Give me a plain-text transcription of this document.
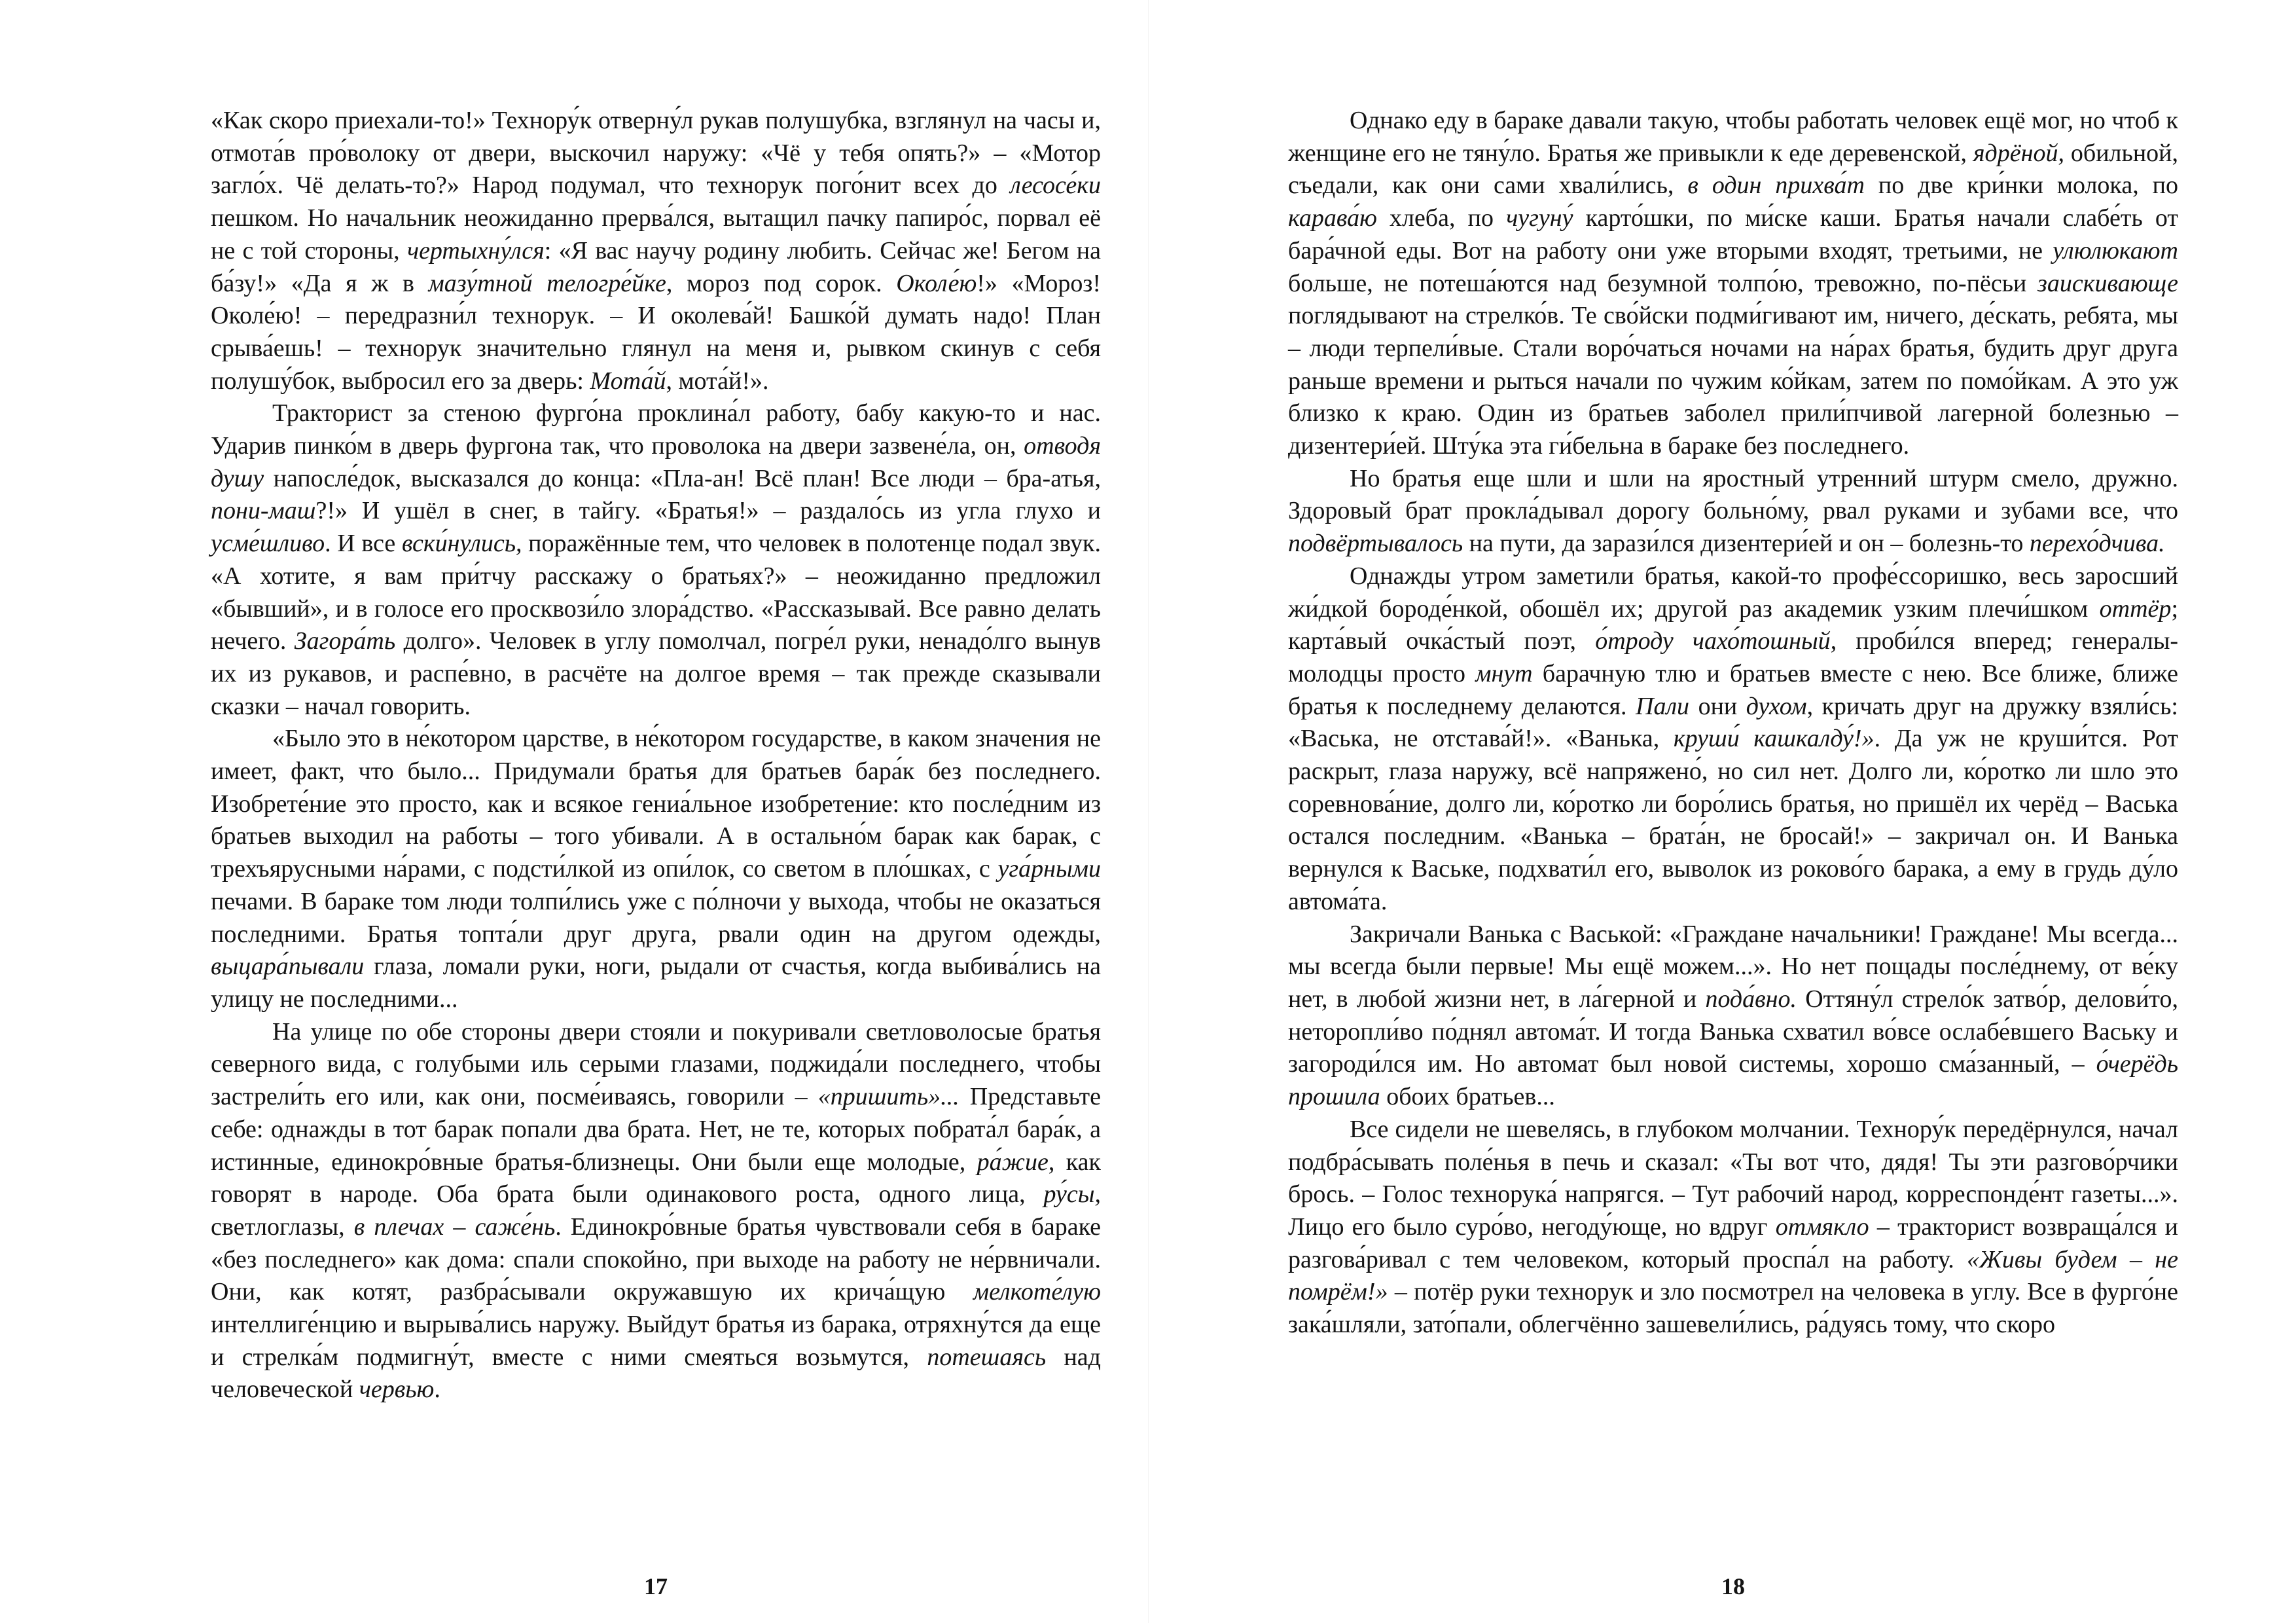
«Как скоро приехали-то!» Технору́к отверну́л рукав полушубка, взглянул на часы и, отмота́в про́волоку от двери, выскочил наружу: «Чё у тебя опять?» – «Мотор загло́х. Чё делать-то?» Народ подумал, что технорук пого́нит всех до лесосе́ки пешком. Но начальник неожиданно прерва́лся, вытащил пачку папиро́с, порвал её не с той стороны, чертыхну́лся: «Я вас научу родину любить. Сейчас же! Бегом на ба́зу!» «Да я ж в мазу́тной телогре́йке, мороз под сорок. Околе́ю!» «Мороз! Околе́ю! – передразни́л технорук. – И околева́й! Башко́й думать надо! План срыва́ешь! – технорук значительно глянул на меня и, рывком скинув с себя полушу́бок, выбросил его за дверь: Мота́й, мота́й!».

Тракторист за стеною фурго́на проклина́л работу, бабу какую-то и нас. Ударив пинко́м в дверь фургона так, что проволока на двери зазвене́ла, он, отводя душу напосле́док, высказался до конца: «Пла-ан! Всё план! Все люди – бра-атья, пони-маш?!» И ушёл в снег, в тайгу. «Братья!» – раздало́сь из угла глухо и усме́шливо. И все вски́нулись, поражённые тем, что человек в полотенце подал звук. «А хотите, я вам при́тчу расскажу о братьях?» – неожиданно предложил «бывший», и в голосе его просквози́ло злора́дство. «Рассказывай. Все равно делать нечего. Загора́ть долго». Человек в углу помолчал, погре́л руки, ненадо́лго вынув их из рукавов, и распе́вно, в расчёте на долгое время – так прежде сказывали сказки – начал говорить.

«Было это в не́котором царстве, в не́котором государстве, в каком значения не имеет, факт, что было... Придумали братья для братьев бара́к без последнего. Изобрете́ние это просто, как и всякое гениа́льное изобретение: кто после́дним из братьев выходил на работы – того убивали. А в остально́м барак как барак, с трехъярусными на́рами, с подсти́лкой из опи́лок, со светом в пло́шках, с уга́рными печами. В бараке том люди толпи́лись уже с по́лночи у выхода, чтобы не оказаться последними. Братья топта́ли друг друга, рвали один на другом одежды, выцара́пывали глаза, ломали руки, ноги, рыдали от счастья, когда выбива́лись на улицу не последними...

На улице по обе стороны двери стояли и покуривали светловолосые братья северного вида, с голубыми иль серыми глазами, поджида́ли последнего, чтобы застрели́ть его или, как они, посме́иваясь, говорили – «пришить»... Представьте себе: однажды в тот барак попали два брата. Нет, не те, которых побрата́л бара́к, а истинные, единокро́вные братья-близнецы. Они были еще молодые, ра́жие, как говорят в народе. Оба брата были одинакового роста, одного лица, ру́сы, светлоглазы, в плечах – саже́нь. Единокро́вные братья чувствовали себя в бараке «без последнего» как дома: спали спокойно, при выходе на работу не не́рвничали. Они, как котят, разбра́сывали окружавшую их крича́щую мелкоте́лую интеллиге́нцию и вырыва́лись наружу. Выйдут братья из барака, отряхну́тся да еще и стрелка́м подмигну́т, вместе с ними смеяться возьмутся, потешаясь над человеческой червью.

17

Однако еду в бараке давали такую, чтобы работать человек ещё мог, но чтоб к женщине его не тяну́ло. Братья же привыкли к еде деревенской, ядрёной, обильной, съедали, как они сами хвали́лись, в один прихва́т по две кри́нки молока, по карава́ю хлеба, по чугуну́ карто́шки, по ми́ске каши. Братья начали слабе́ть от бара́чной еды. Вот на работу они уже вторыми входят, третьими, не улюлюкают больше, не потеша́ются над безумной толпо́ю, тревожно, по-пёсьи заискивающе поглядывают на стрелко́в. Те сво́йски подми́гивают им, ничего, де́скать, ребята, мы – люди терпели́вые. Стали воро́чаться ночами на на́рах братья, будить друг друга раньше времени и рыться начали по чужим ко́йкам, затем по помо́йкам. А это уж близко к краю. Один из братьев заболел прили́пчивой лагерной болезнью – дизентери́ей. Шту́ка эта ги́бельна в бараке без последнего.

Но братья еще шли и шли на яростный утренний штурм смело, дружно. Здоровый брат прокла́дывал дорогу больно́му, рвал руками и зубами все, что подвёртывалось на пути, да зарази́лся дизентери́ей и он – болезнь-то перехо́дчива.

Однажды утром заметили братья, какой-то профе́ссоришко, весь заросший жи́дкой бороде́нкой, обошёл их; другой раз академик узким плечи́шком оттёр; карта́вый очка́стый поэт, о́троду чахо́тошный, проби́лся вперед; генералы-молодцы просто мнут барачную тлю и братьев вместе с нею. Все ближе, ближе братья к последнему делаются. Пали они духом, кричать друг на дружку взяли́сь: «Васька, не отстава́й!». «Ванька, круши́ кашкалду́!». Да уж не круши́тся. Рот раскрыт, глаза наружу, всё напряжено́, но сил нет. Долго ли, ко́ротко ли шло это соревнова́ние, долго ли, ко́ротко ли боро́лись братья, но пришёл их черёд – Васька остался последним. «Ванька – брата́н, не бросай!» – закричал он. И Ванька вернулся к Ваське, подхвати́л его, выволок из роково́го барака, а ему в грудь ду́ло автома́та.

Закричали Ванька с Васькой: «Граждане начальники! Граждане! Мы всегда... мы всегда были первые! Мы ещё можем...». Но нет пощады после́днему, от ве́ку нет, в любой жизни нет, в ла́герной и пода́вно. Оттяну́л стрело́к затво́р, делови́то, неторопли́во по́днял автома́т. И тогда Ванька схватил во́все ослабе́вшего Ваську и загороди́лся им. Но автомат был новой системы, хорошо сма́занный, – о́черёдь прошила обоих братьев...

Все сидели не шевелясь, в глубоком молчании. Технору́к передёрнулся, начал подбра́сывать поле́нья в печь и сказал: «Ты вот что, дядя! Ты эти разгово́рчики брось. – Голос технорука́ напрягся. – Тут рабочий народ, корреспонде́нт газеты...». Лицо его было суро́во, негоду́юще, но вдруг отмякло – тракторист возвраща́лся и разгова́ривал с тем человеком, который проспа́л на работу. «Живы будем – не помрём!» – потёр руки технорук и зло посмотрел на человека в углу. Все в фурго́не зака́шляли, зато́пали, облегчённо зашевели́лись, ра́дуясь тому, что скоро

18
